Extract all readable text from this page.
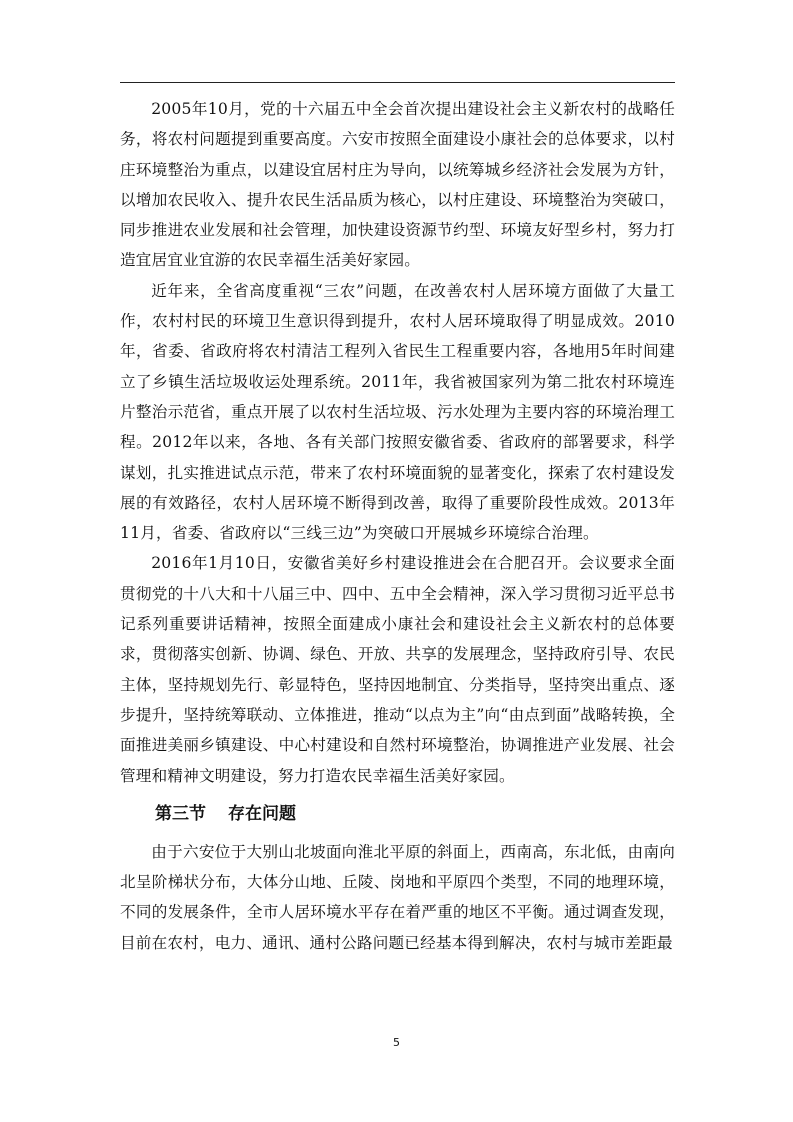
2005年10月，党的十六届五中全会首次提出建设社会主义新农村的战略任务，将农村问题提到重要高度。六安市按照全面建设小康社会的总体要求，以村庄环境整治为重点，以建设宜居村庄为导向，以统筹城乡经济社会发展为方针，以增加农民收入、提升农民生活品质为核心，以村庄建设、环境整治为突破口，同步推进农业发展和社会管理，加快建设资源节约型、环境友好型乡村，努力打造宜居宜业宜游的农民幸福生活美好家园。

近年来，全省高度重视“三农”问题，在改善农村人居环境方面做了大量工作，农村村民的环境卫生意识得到提升，农村人居环境取得了明显成效。2010年，省委、省政府将农村清洁工程列入省民生工程重要内容，各地用5年时间建立了乡镇生活垃圾收运处理系统。2011年，我省被国家列为第二批农村环境连片整治示范省，重点开展了以农村生活垃圾、污水处理为主要内容的环境治理工程。2012年以来，各地、各有关部门按照安徽省委、省政府的部署要求，科学谋划，扎实推进试点示范，带来了农村环境面貌的显著变化，探索了农村建设发展的有效路径，农村人居环境不断得到改善，取得了重要阶段性成效。2013年11月，省委、省政府以“三线三边”为突破口开展城乡环境综合治理。

2016年1月10日，安徽省美好乡村建设推进会在合肥召开。会议要求全面贯彻党的十八大和十八届三中、四中、五中全会精神，深入学习贯彻习近平总书记系列重要讲话精神，按照全面建成小康社会和建设社会主义新农村的总体要求，贯彻落实创新、协调、绿色、开放、共享的发展理念，坚持政府引导、农民主体，坚持规划先行、彰显特色，坚持因地制宜、分类指导，坚持突出重点、逐步提升，坚持统筹联动、立体推进，推动“以点为主”向“由点到面”战略转换，全面推进美丽乡镇建设、中心村建设和自然村环境整治，协调推进产业发展、社会管理和精神文明建设，努力打造农民幸福生活美好家园。

第三节 存在问题

由于六安位于大别山北坡面向淮北平原的斜面上，西南高，东北低，由南向北呈阶梯状分布，大体分山地、丘陵、岗地和平原四个类型，不同的地理环境，不同的发展条件，全市人居环境水平存在着严重的地区不平衡。通过调查发现，目前在农村，电力、通讯、通村公路问题已经基本得到解决，农村与城市差距最

5
